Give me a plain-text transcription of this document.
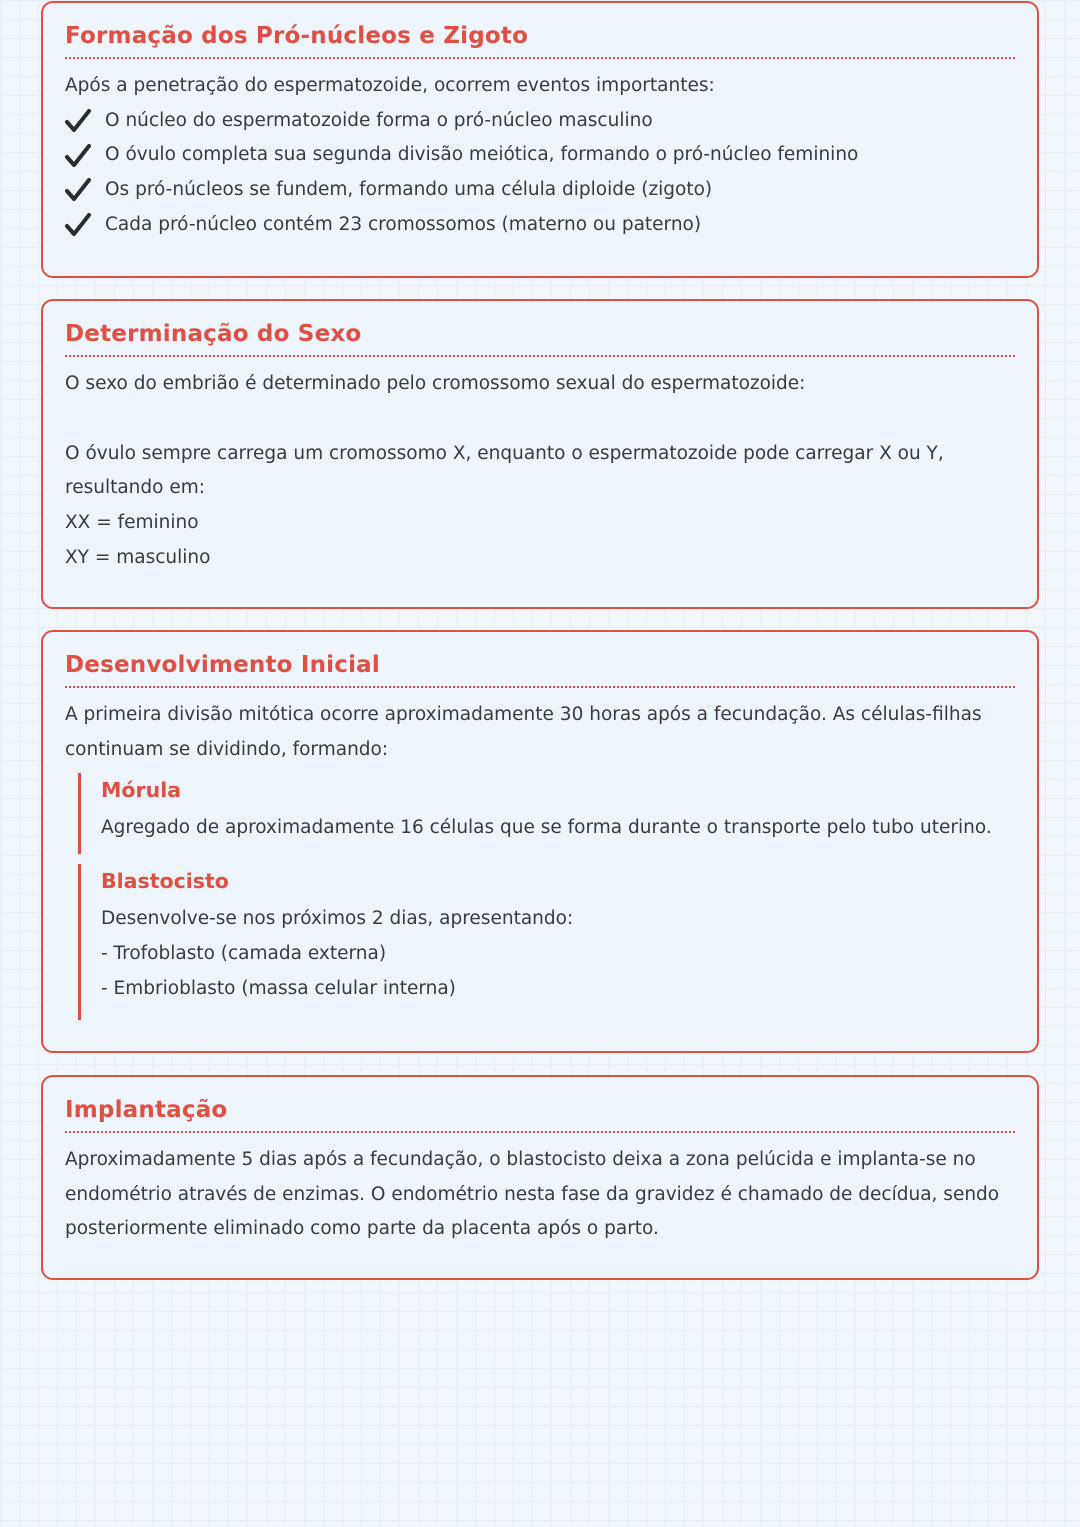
Formação dos Pró-núcleos e Zigoto

Após a penetração do espermatozoide, ocorrem eventos importantes:

O núcleo do espermatozoide forma o pró-núcleo masculino
O óvulo completa sua segunda divisão meiótica, formando o pró-núcleo feminino
Os pró-núcleos se fundem, formando uma célula diploide (zigoto)
Cada pró-núcleo contém 23 cromossomos (materno ou paterno)
Determinação do Sexo

O sexo do embrião é determinado pelo cromossomo sexual do espermatozoide:

O óvulo sempre carrega um cromossomo X, enquanto o espermatozoide pode carregar X ou Y,

resultando em:

XX = feminino

XY = masculino

Desenvolvimento Inicial

A primeira divisão mitótica ocorre aproximadamente 30 horas após a fecundação. As células-filhas

continuam se dividindo, formando:

Mórula

Agregado de aproximadamente 16 células que se forma durante o transporte pelo tubo uterino.

Blastocisto

Desenvolve-se nos próximos 2 dias, apresentando:

- Trofoblasto (camada externa)

- Embrioblasto (massa celular interna)

Implantação

Aproximadamente 5 dias após a fecundação, o blastocisto deixa a zona pelúcida e implanta-se no

endométrio através de enzimas. O endométrio nesta fase da gravidez é chamado de decídua, sendo

posteriormente eliminado como parte da placenta após o parto.
